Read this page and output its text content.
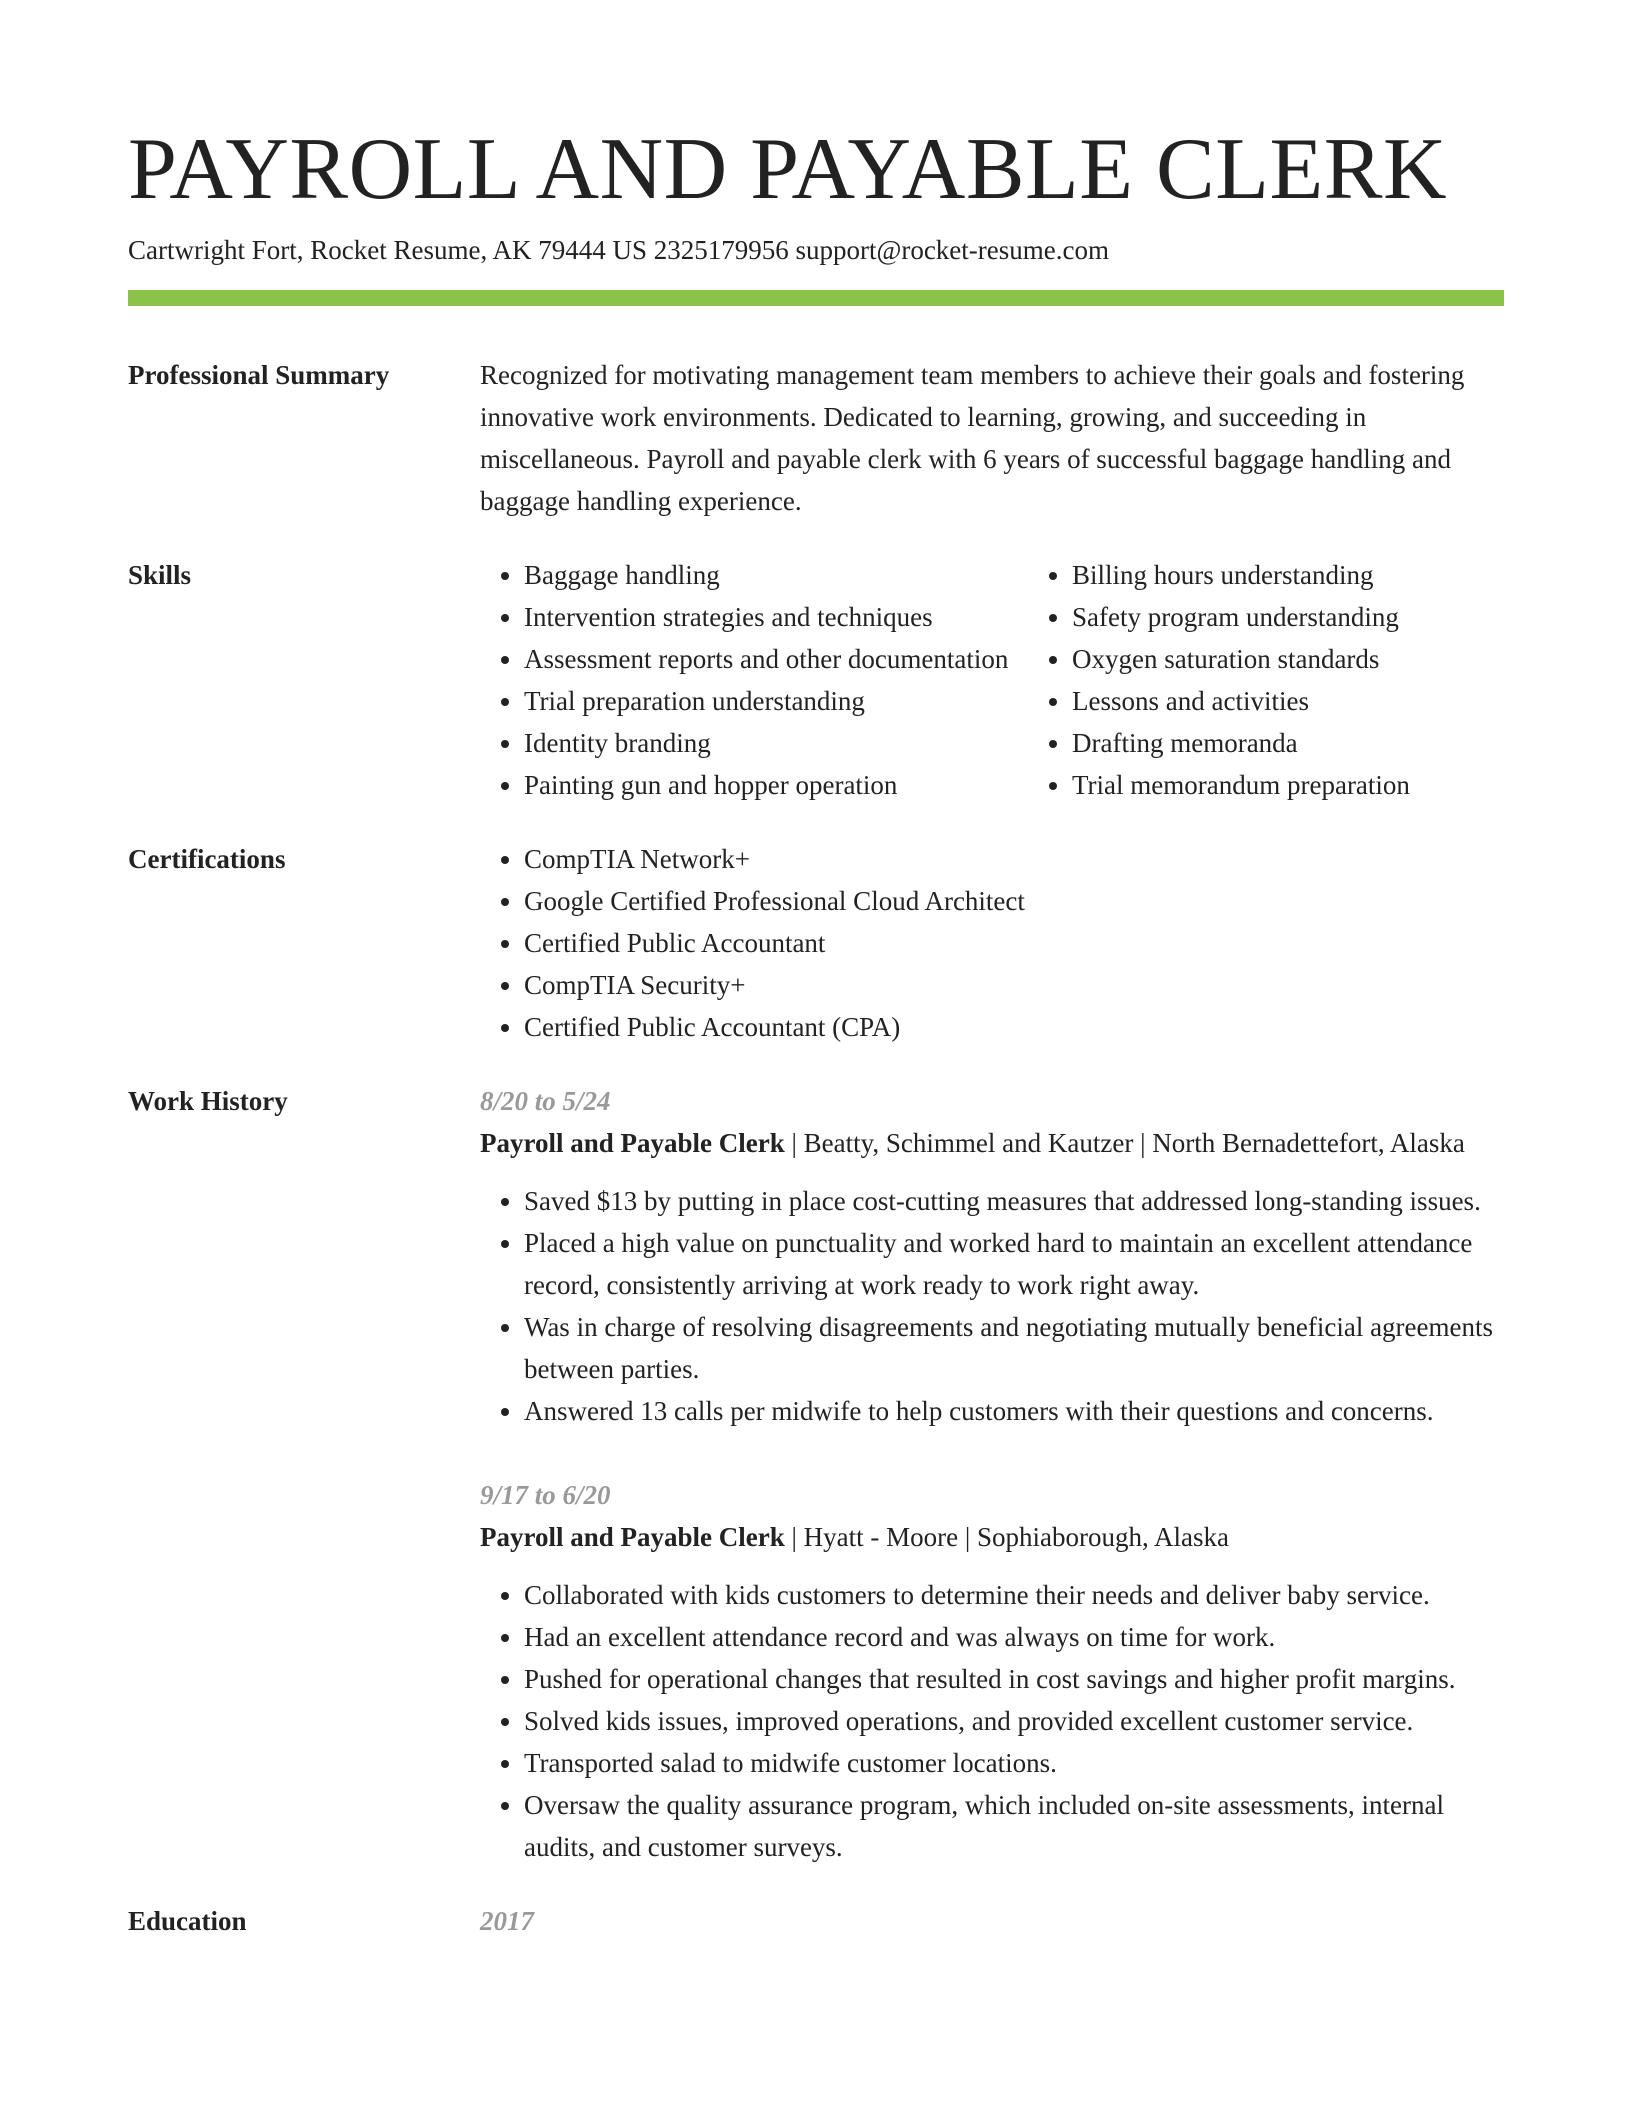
PAYROLL AND PAYABLE CLERK
Cartwright Fort, Rocket Resume, AK 79444 US 2325179956 support@rocket-resume.com
Professional Summary	Recognized for motivating management team members to achieve their goals and fostering innovative work environments. Dedicated to learning, growing, and succeeding in miscellaneous. Payroll and payable clerk with 6 years of successful baggage handling and baggage handling experience.

Skills	• Baggage handling
• Intervention strategies and techniques
• Assessment reports and other documentation
• Trial preparation understanding
• Identity branding
• Painting gun and hopper operation
• Billing hours understanding
• Safety program understanding
• Oxygen saturation standards
• Lessons and activities
• Drafting memoranda
• Trial memorandum preparation
Certifications	• CompTIA Network+
• Google Certified Professional Cloud Architect
• Certified Public Accountant
• CompTIA Security+
• Certified Public Accountant (CPA)
Work History	8/20 to 5/24
Payroll and Payable Clerk | Beatty, Schimmel and Kautzer | North Bernadettefort, Alaska
• Saved $13 by putting in place cost-cutting measures that addressed long-standing issues.
• Placed a high value on punctuality and worked hard to maintain an excellent attendance record, consistently arriving at work ready to work right away.
• Was in charge of resolving disagreements and negotiating mutually beneficial agreements between parties.
• Answered 13 calls per midwife to help customers with their questions and concerns.
9/17 to 6/20
Payroll and Payable Clerk | Hyatt - Moore | Sophiaborough, Alaska
• Collaborated with kids customers to determine their needs and deliver baby service.
• Had an excellent attendance record and was always on time for work.
• Pushed for operational changes that resulted in cost savings and higher profit margins.
• Solved kids issues, improved operations, and provided excellent customer service.
• Transported salad to midwife customer locations.
• Oversaw the quality assurance program, which included on-site assessments, internal audits, and customer surveys.
Education	2017
